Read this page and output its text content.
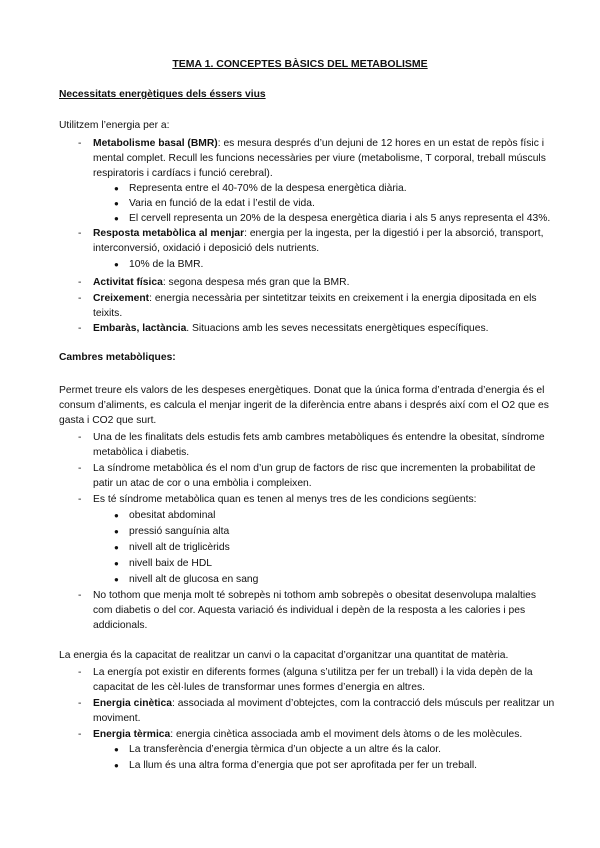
TEMA 1. CONCEPTES BÀSICS DEL METABOLISME
Necessitats energètiques dels éssers vius
Utilitzem l’energia per a:
- Metabolisme basal (BMR): es mesura després d’un dejuni de 12 hores en un estat de repòs físic i
mental complet. Recull les funcions necessàries per viure (metabolisme, T corporal, treball músculs
respiratoris i cardíacs i funció cerebral).
● Representa entre el 40-70% de la despesa energètica diària.
● Varia en funció de la edat i l’estil de vida.
● El cervell representa un 20% de la despesa energètica diaria i als 5 anys representa el 43%.
- Resposta metabòlica al menjar: energia per la ingesta, per la digestió i per la absorció, transport,
interconversió, oxidació i deposició dels nutrients.
● 10% de la BMR.
- Activitat física: segona despesa més gran que la BMR.
- Creixement: energia necessària per sintetitzar teixits en creixement i la energia dipositada en els
teixits.
- Embaràs, lactància. Situacions amb les seves necessitats energètiques específiques.
Cambres metabòliques:
Permet treure els valors de les despeses energètiques. Donat que la única forma d’entrada d’energia és el
consum d’aliments, es calcula el menjar ingerit de la diferència entre abans i després així com el O2 que es
gasta i CO2 que surt.
- Una de les finalitats dels estudis fets amb cambres metabòliques és entendre la obesitat, síndrome
metabòlica i diabetis.
- La síndrome metabòlica és el nom d’un grup de factors de risc que incrementen la probabilitat de
patir un atac de cor o una embòlia i compleixen.
- Es té síndrome metabòlica quan es tenen al menys tres de les condicions següents:
● obesitat abdominal
● pressió sanguínia alta
● nivell alt de triglicèrids
● nivell baix de HDL
● nivell alt de glucosa en sang
- No tothom que menja molt té sobrepès ni tothom amb sobrepès o obesitat desenvolupa malalties
com diabetis o del cor. Aquesta variació és individual i depèn de la resposta a les calories i pes
addicionals.
La energia és la capacitat de realitzar un canvi o la capacitat d’organitzar una quantitat de matèria.
- La energía pot existir en diferents formes (alguna s’utilitza per fer un treball) i la vida depèn de la
capacitat de les cèl·lules de transformar unes formes d’energia en altres.
- Energia cinètica: associada al moviment d’obtejctes, com la contracció dels músculs per realitzar un
moviment.
- Energia tèrmica: energia cinètica associada amb el moviment dels àtoms o de les molècules.
● La transferència d’energia tèrmica d’un objecte a un altre és la calor.
● La llum és una altra forma d’energia que pot ser aprofitada per fer un treball.
